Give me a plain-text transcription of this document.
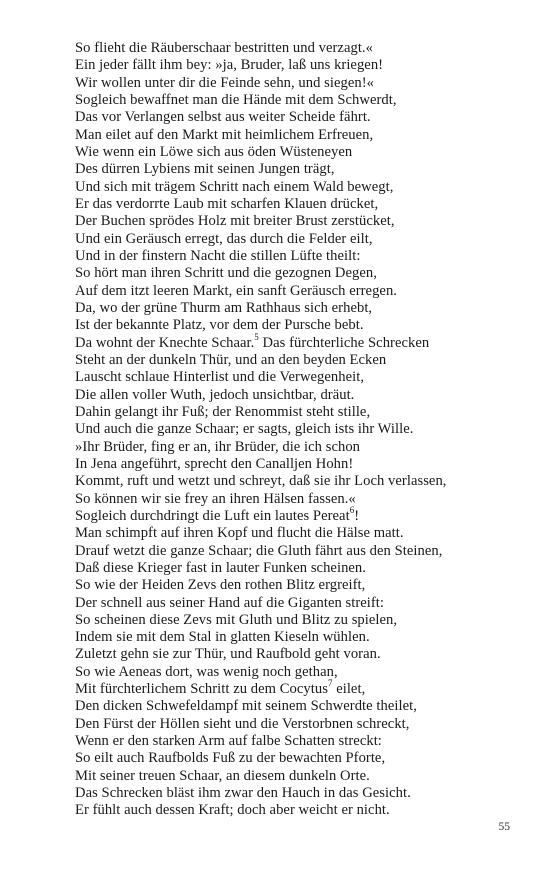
So flieht die Räuberschaar bestritten und verzagt.«
Ein jeder fällt ihm bey: »ja, Bruder, laß uns kriegen!
Wir wollen unter dir die Feinde sehn, und siegen!«
Sogleich bewaffnet man die Hände mit dem Schwerdt,
Das vor Verlangen selbst aus weiter Scheide fährt.
Man eilet auf den Markt mit heimlichem Erfreuen,
Wie wenn ein Löwe sich aus öden Wüsteneyen
Des dürren Lybiens mit seinen Jungen trägt,
Und sich mit trägem Schritt nach einem Wald bewegt,
Er das verdorrte Laub mit scharfen Klauen drücket,
Der Buchen sprödes Holz mit breiter Brust zerstücket,
Und ein Geräusch erregt, das durch die Felder eilt,
Und in der finstern Nacht die stillen Lüfte theilt:
So hört man ihren Schritt und die gezognen Degen,
Auf dem itzt leeren Markt, ein sanft Geräusch erregen.
Da, wo der grüne Thurm am Rathhaus sich erhebt,
Ist der bekannte Platz, vor dem der Pursche bebt.
Da wohnt der Knechte Schaar.$^5$ Das fürchterliche Schrecken
Steht an der dunkeln Thür, und an den beyden Ecken
Lauscht schlaue Hinterlist und die Verwegenheit,
Die allen voller Wuth, jedoch unsichtbar, dräut.
Dahin gelangt ihr Fuß; der Renommist steht stille,
Und auch die ganze Schaar; er sagts, gleich ists ihr Wille.
»Ihr Brüder, fing er an, ihr Brüder, die ich schon
In Jena angeführt, sprecht den Canalljen Hohn!
Kommt, ruft und wetzt und schreyt, daß sie ihr Loch verlassen,
So können wir sie frey an ihren Hälsen fassen.«
Sogleich durchdringt die Luft ein lautes Pereat$^6$!
Man schimpft auf ihren Kopf und flucht die Hälse matt.
Drauf wetzt die ganze Schaar; die Gluth fährt aus den Steinen,
Daß diese Krieger fast in lauter Funken scheinen.
So wie der Heiden Zevs den rothen Blitz ergreift,
Der schnell aus seiner Hand auf die Giganten streift:
So scheinen diese Zevs mit Gluth und Blitz zu spielen,
Indem sie mit dem Stal in glatten Kieseln wühlen.
Zuletzt gehn sie zur Thür, und Raufbold geht voran.
So wie Aeneas dort, was wenig noch gethan,
Mit fürchterlichem Schritt zu dem Cocytus$^7$ eilet,
Den dicken Schwefeldampf mit seinem Schwerdte theilet,
Den Fürst der Höllen sieht und die Verstorbnen schreckt,
Wenn er den starken Arm auf falbe Schatten streckt:
So eilt auch Raufbolds Fuß zu der bewachten Pforte,
Mit seiner treuen Schaar, an diesem dunkeln Orte.
Das Schrecken bläst ihm zwar den Hauch in das Gesicht.
Er fühlt auch dessen Kraft; doch aber weicht er nicht.
55
